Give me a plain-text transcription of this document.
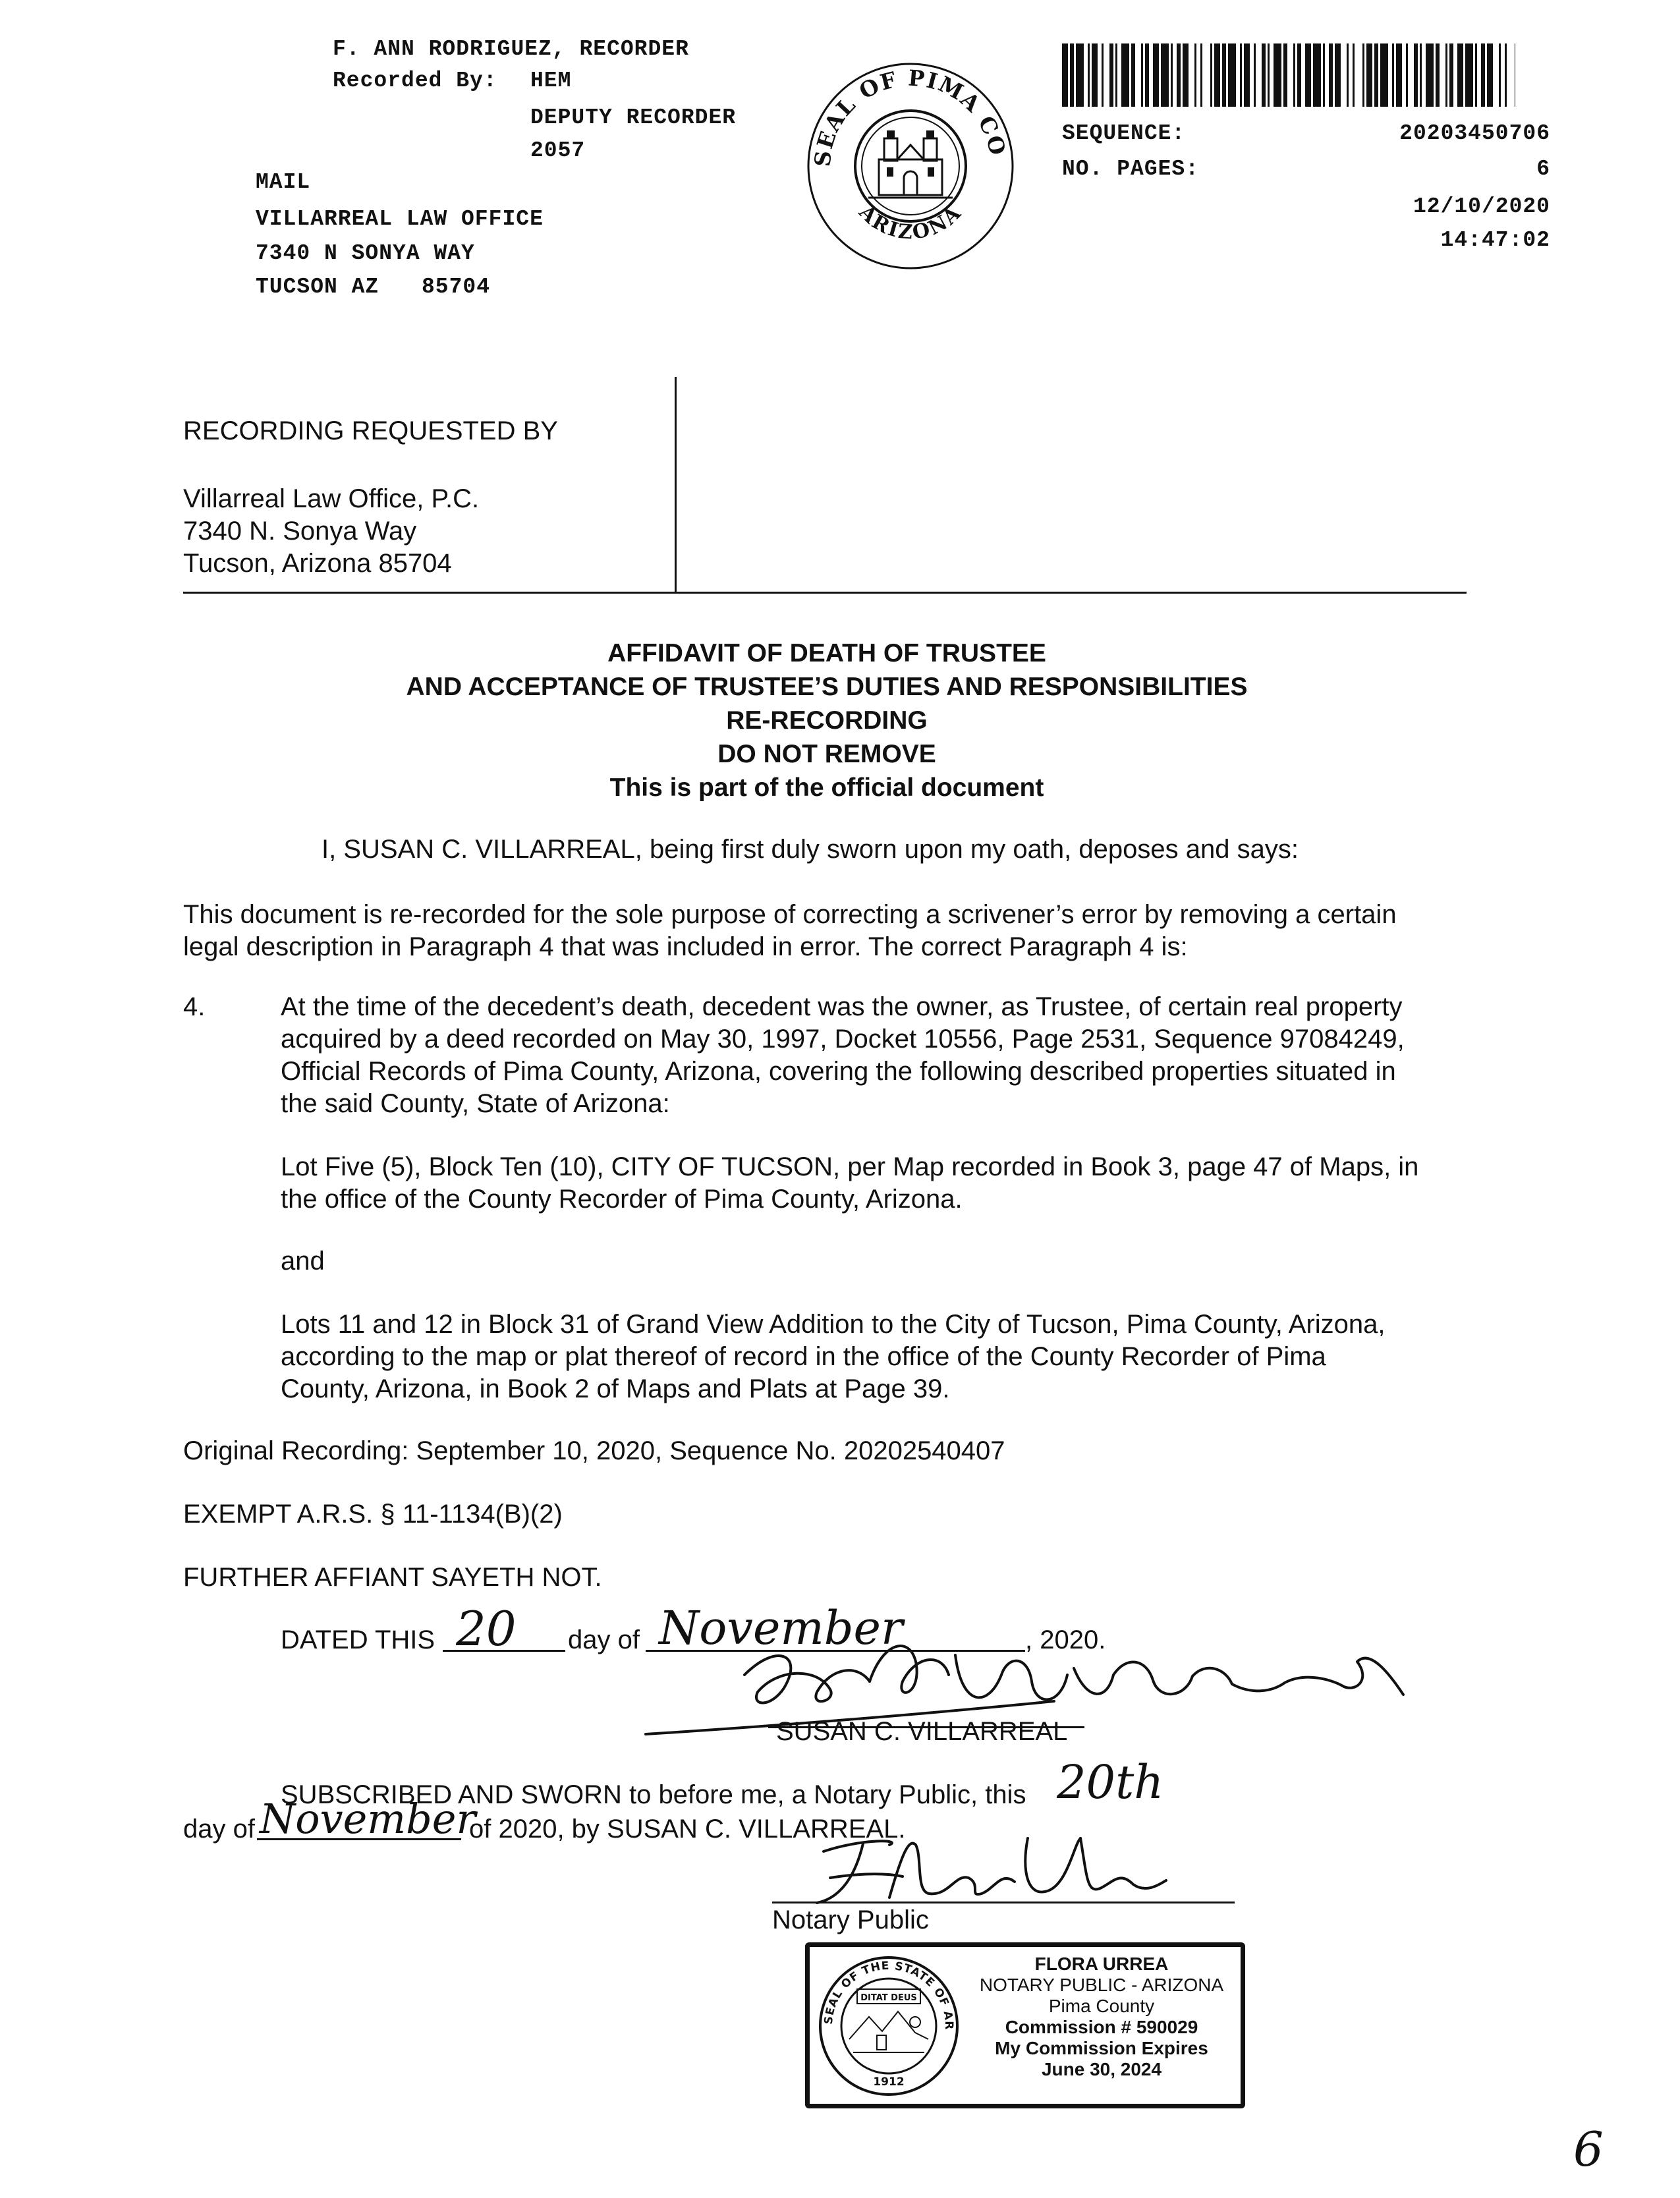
F. ANN RODRIGUEZ, RECORDER
Recorded By: HEM
DEPUTY RECORDER
2057
MAIL
VILLARREAL LAW OFFICE
7340 N SONYA WAY
TUCSON AZ 85704
SEAL OF PIMA CO
ARIZONA
SEQUENCE:	20203450706
NO. PAGES:	6
12/10/2020
14:47:02
RECORDING REQUESTED BY
Villarreal Law Office, P.C.
7340 N. Sonya Way
Tucson, Arizona 85704
AFFIDAVIT OF DEATH OF TRUSTEE
AND ACCEPTANCE OF TRUSTEE’S DUTIES AND RESPONSIBILITIES
RE-RECORDING
DO NOT REMOVE
This is part of the official document
I, SUSAN C. VILLARREAL, being first duly sworn upon my oath, deposes and says:
This document is re-recorded for the sole purpose of correcting a scrivener’s error by removing a certain
legal description in Paragraph 4 that was included in error. The correct Paragraph 4 is:
4.	At the time of the decedent’s death, decedent was the owner, as Trustee, of certain real property
acquired by a deed recorded on May 30, 1997, Docket 10556, Page 2531, Sequence 97084249,
Official Records of Pima County, Arizona, covering the following described properties situated in
the said County, State of Arizona:
Lot Five (5), Block Ten (10), CITY OF TUCSON, per Map recorded in Book 3, page 47 of Maps, in
the office of the County Recorder of Pima County, Arizona.
and
Lots 11 and 12 in Block 31 of Grand View Addition to the City of Tucson, Pima County, Arizona,
according to the map or plat thereof of record in the office of the County Recorder of Pima
County, Arizona, in Book 2 of Maps and Plats at Page 39.
Original Recording: September 10, 2020, Sequence No. 20202540407
EXEMPT A.R.S. § 11-1134(B)(2)
FURTHER AFFIANT SAYETH NOT.
DATED THIS 20 day of November	, 2020.
SUSAN C. VILLARREAL
SUBSCRIBED AND SWORN to before me, a Notary Public, this 20th
day of November
of 2020, by SUSAN C. VILLARREAL.
Notary Public
SEAL OF THE STATE OF AR
DITAT DEUS
1912
FLORA URREA
NOTARY PUBLIC - ARIZONA
Pima County
Commission # 590029
My Commission Expires
June 30, 2024
6
